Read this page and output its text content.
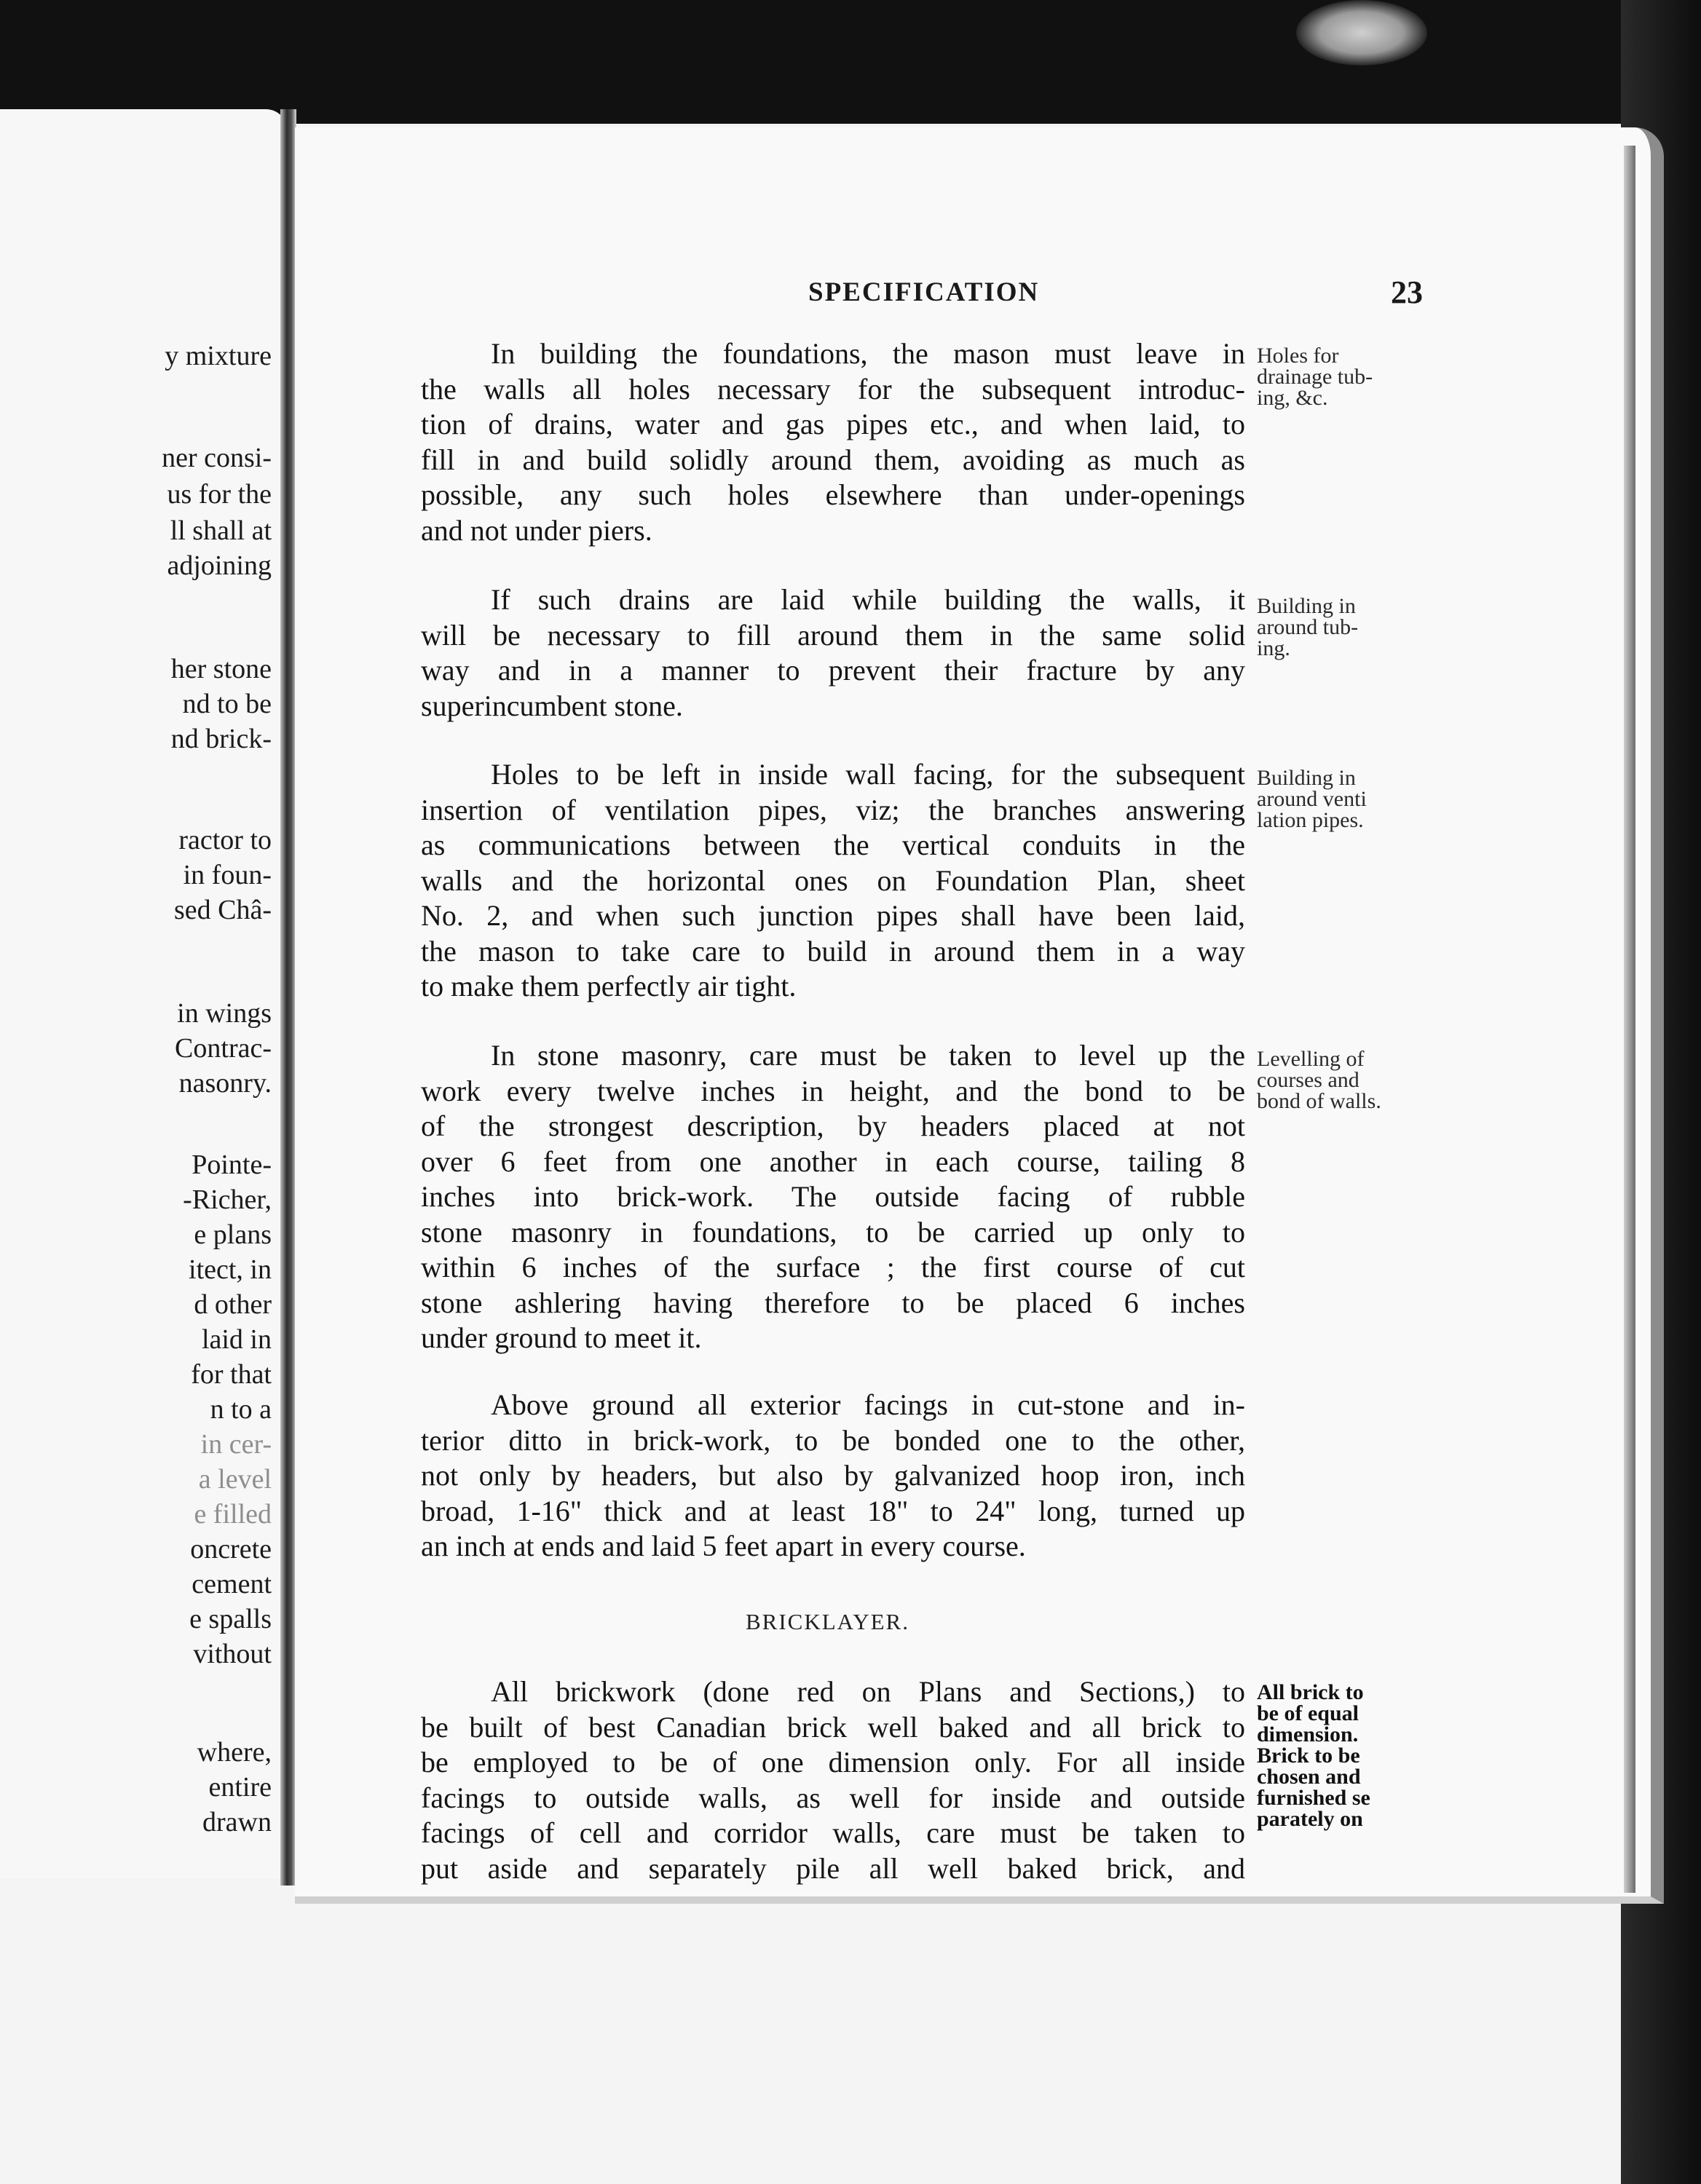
y mixture
ner consi-
us for the
ll shall at
adjoining
her stone
nd to be
nd brick-
ractor to
in foun-
sed Châ-
in wings
Contrac-
nasonry.
Pointe-
-Richer,
e plans
itect, in
d other
laid in
for that
n to a
in cer-
a level
e filled
oncrete
cement
e spalls
vithout
where,
entire
drawn
SPECIFICATION	23
In building the foundations, the mason must leave in
the walls all holes necessary for the subsequent introduc-
tion of drains, water and gas pipes etc., and when laid, to
fill in and build solidly around them, avoiding as much as
possible, any such holes elsewhere than under-openings
and not under piers.
Holes for
drainage tub-
ing, &c.
If such drains are laid while building the walls, it
will be necessary to fill around them in the same solid
way and in a manner to prevent their fracture by any
superincumbent stone.
Building in
around tub-
ing.
Holes to be left in inside wall facing, for the subsequent
insertion of ventilation pipes, viz; the branches answering
as communications between the vertical conduits in the
walls and the horizontal ones on Foundation Plan, sheet
No. 2, and when such junction pipes shall have been laid,
the mason to take care to build in around them in a way
to make them perfectly air tight.
Building in
around venti
lation pipes.
In stone masonry, care must be taken to level up the
work every twelve inches in height, and the bond to be
of the strongest description, by headers placed at not
over 6 feet from one another in each course, tailing 8
inches into brick-work. The outside facing of rubble
stone masonry in foundations, to be carried up only to
within 6 inches of the surface ; the first course of cut
stone ashlering having therefore to be placed 6 inches
under ground to meet it.
Levelling of
courses and
bond of walls.
Above ground all exterior facings in cut-stone and in-
terior ditto in brick-work, to be bonded one to the other,
not only by headers, but also by galvanized hoop iron, inch
broad, 1-16" thick and at least 18" to 24" long, turned up
an inch at ends and laid 5 feet apart in every course.
BRICKLAYER.
All brickwork (done red on Plans and Sections,) to
be built of best Canadian brick well baked and all brick to
be employed to be of one dimension only. For all inside
facings to outside walls, as well for inside and outside
facings of cell and corridor walls, care must be taken to
put aside and separately pile all well baked brick, and
All brick to
be of equal
dimension.
Brick to be
chosen and
furnished se
parately on
